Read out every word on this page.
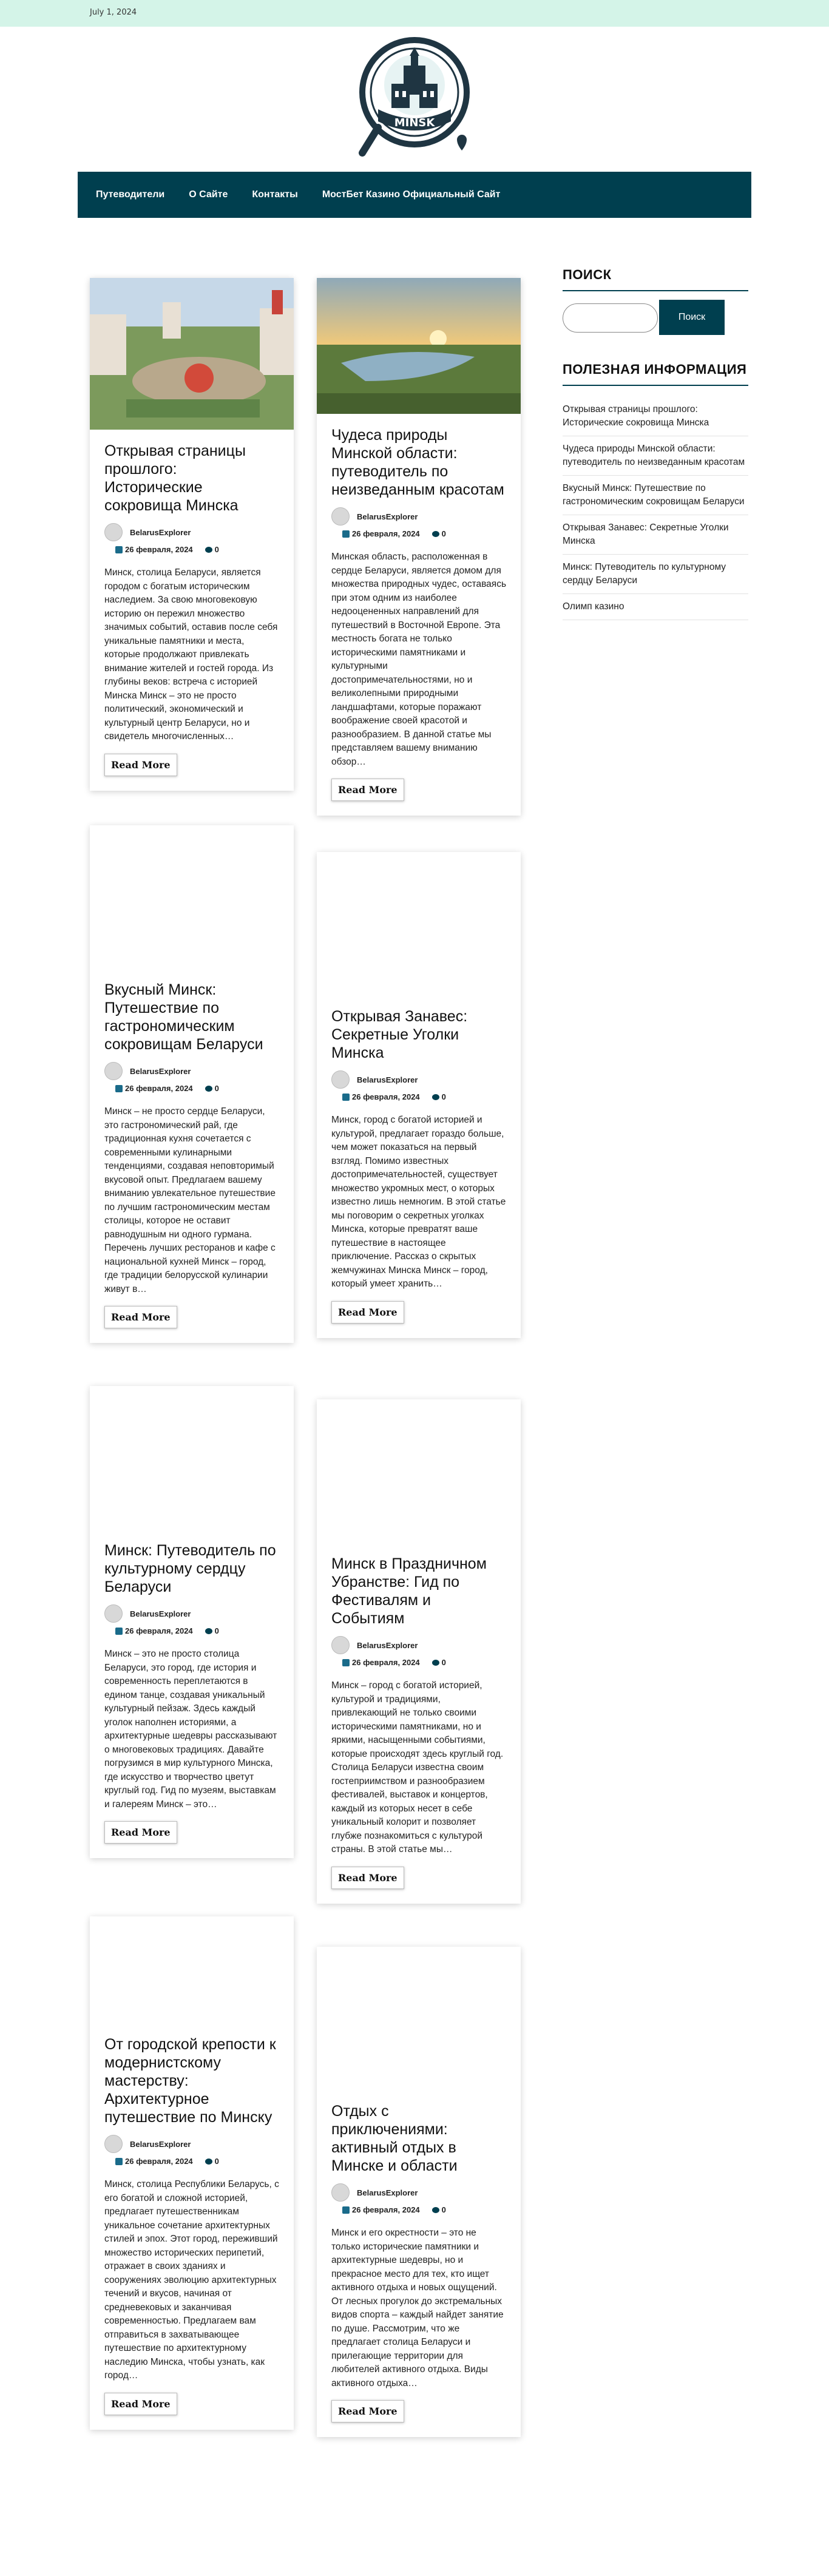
July 1, 2024
MINSK
Путеводители	О Сайте	Контакты	МостБет Казино Официальный Сайт
Открывая страницы прошлого: Исторические сокровища Минска
BelarusExplorer
26 февраля, 2024	0

Минск, столица Беларуси, является городом с богатым историческим наследием. За свою многовековую историю он пережил множество значимых событий, оставив после себя уникальные памятники и места, которые продолжают привлекать внимание жителей и гостей города. Из глубины веков: встреча с историей Минска Минск – это не просто политический, экономический и культурный центр Беларуси, но и свидетель многочисленных…

Read More
Чудеса природы Минской области: путеводитель по неизведанным красотам
BelarusExplorer
26 февраля, 2024	0

Минская область, расположенная в сердце Беларуси, является домом для множества природных чудес, оставаясь при этом одним из наиболее недооцененных направлений для путешествий в Восточной Европе. Эта местность богата не только историческими памятниками и культурными достопримечательностями, но и великолепными природными ландшафтами, которые поражают воображение своей красотой и разнообразием. В данной статье мы представляем вашему вниманию обзор…

Read More
Вкусный Минск: Путешествие по гастрономическим сокровищам Беларуси
BelarusExplorer
26 февраля, 2024	0

Минск – не просто сердце Беларуси, это гастрономический рай, где традиционная кухня сочетается с современными кулинарными тенденциями, создавая неповторимый вкусовой опыт. Предлагаем вашему вниманию увлекательное путешествие по лучшим гастрономическим местам столицы, которое не оставит равнодушным ни одного гурмана. Перечень лучших ресторанов и кафе с национальной кухней Минск – город, где традиции белорусской кулинарии живут в…

Read More
Открывая Занавес: Секретные Уголки Минска
BelarusExplorer
26 февраля, 2024	0

Минск, город с богатой историей и культурой, предлагает гораздо больше, чем может показаться на первый взгляд. Помимо известных достопримечательностей, существует множество укромных мест, о которых известно лишь немногим. В этой статье мы поговорим о секретных уголках Минска, которые превратят ваше путешествие в настоящее приключение. Рассказ о скрытых жемчужинах Минска Минск – город, который умеет хранить…

Read More
Минск: Путеводитель по культурному сердцу Беларуси
BelarusExplorer
26 февраля, 2024	0

Минск – это не просто столица Беларуси, это город, где история и современность переплетаются в едином танце, создавая уникальный культурный пейзаж. Здесь каждый уголок наполнен историями, а архитектурные шедевры рассказывают о многовековых традициях. Давайте погрузимся в мир культурного Минска, где искусство и творчество цветут круглый год. Гид по музеям, выставкам и галереям Минск – это…

Read More
Минск в Праздничном Убранстве: Гид по Фестивалям и Событиям
BelarusExplorer
26 февраля, 2024	0

Минск – город с богатой историей, культурой и традициями, привлекающий не только своими историческими памятниками, но и яркими, насыщенными событиями, которые происходят здесь круглый год. Столица Беларуси известна своим гостеприимством и разнообразием фестивалей, выставок и концертов, каждый из которых несет в себе уникальный колорит и позволяет глубже познакомиться с культурой страны. В этой статье мы…

Read More
От городской крепости к модернистскому мастерству: Архитектурное путешествие по Минску
BelarusExplorer
26 февраля, 2024	0

Минск, столица Республики Беларусь, с его богатой и сложной историей, предлагает путешественникам уникальное сочетание архитектурных стилей и эпох. Этот город, переживший множество исторических перипетий, отражает в своих зданиях и сооружениях эволюцию архитектурных течений и вкусов, начиная от средневековых и заканчивая современностью. Предлагаем вам отправиться в захватывающее путешествие по архитектурному наследию Минска, чтобы узнать, как город…

Read More
Отдых с приключениями: активный отдых в Минске и области
BelarusExplorer
26 февраля, 2024	0

Минск и его окрестности – это не только исторические памятники и архитектурные шедевры, но и прекрасное место для тех, кто ищет активного отдыха и новых ощущений. От лесных прогулок до экстремальных видов спорта – каждый найдет занятие по душе. Рассмотрим, что же предлагает столица Беларуси и прилегающие территории для любителей активного отдыха. Виды активного отдыха…

Read More
ПОИСК
Поиск
ПОЛЕЗНАЯ ИНФОРМАЦИЯ
Открывая страницы прошлого: Исторические сокровища Минска
Чудеса природы Минской области: путеводитель по неизведанным красотам
Вкусный Минск: Путешествие по гастрономическим сокровищам Беларуси
Открывая Занавес: Секретные Уголки Минска
Минск: Путеводитель по культурному сердцу Беларуси
Олимп казино
